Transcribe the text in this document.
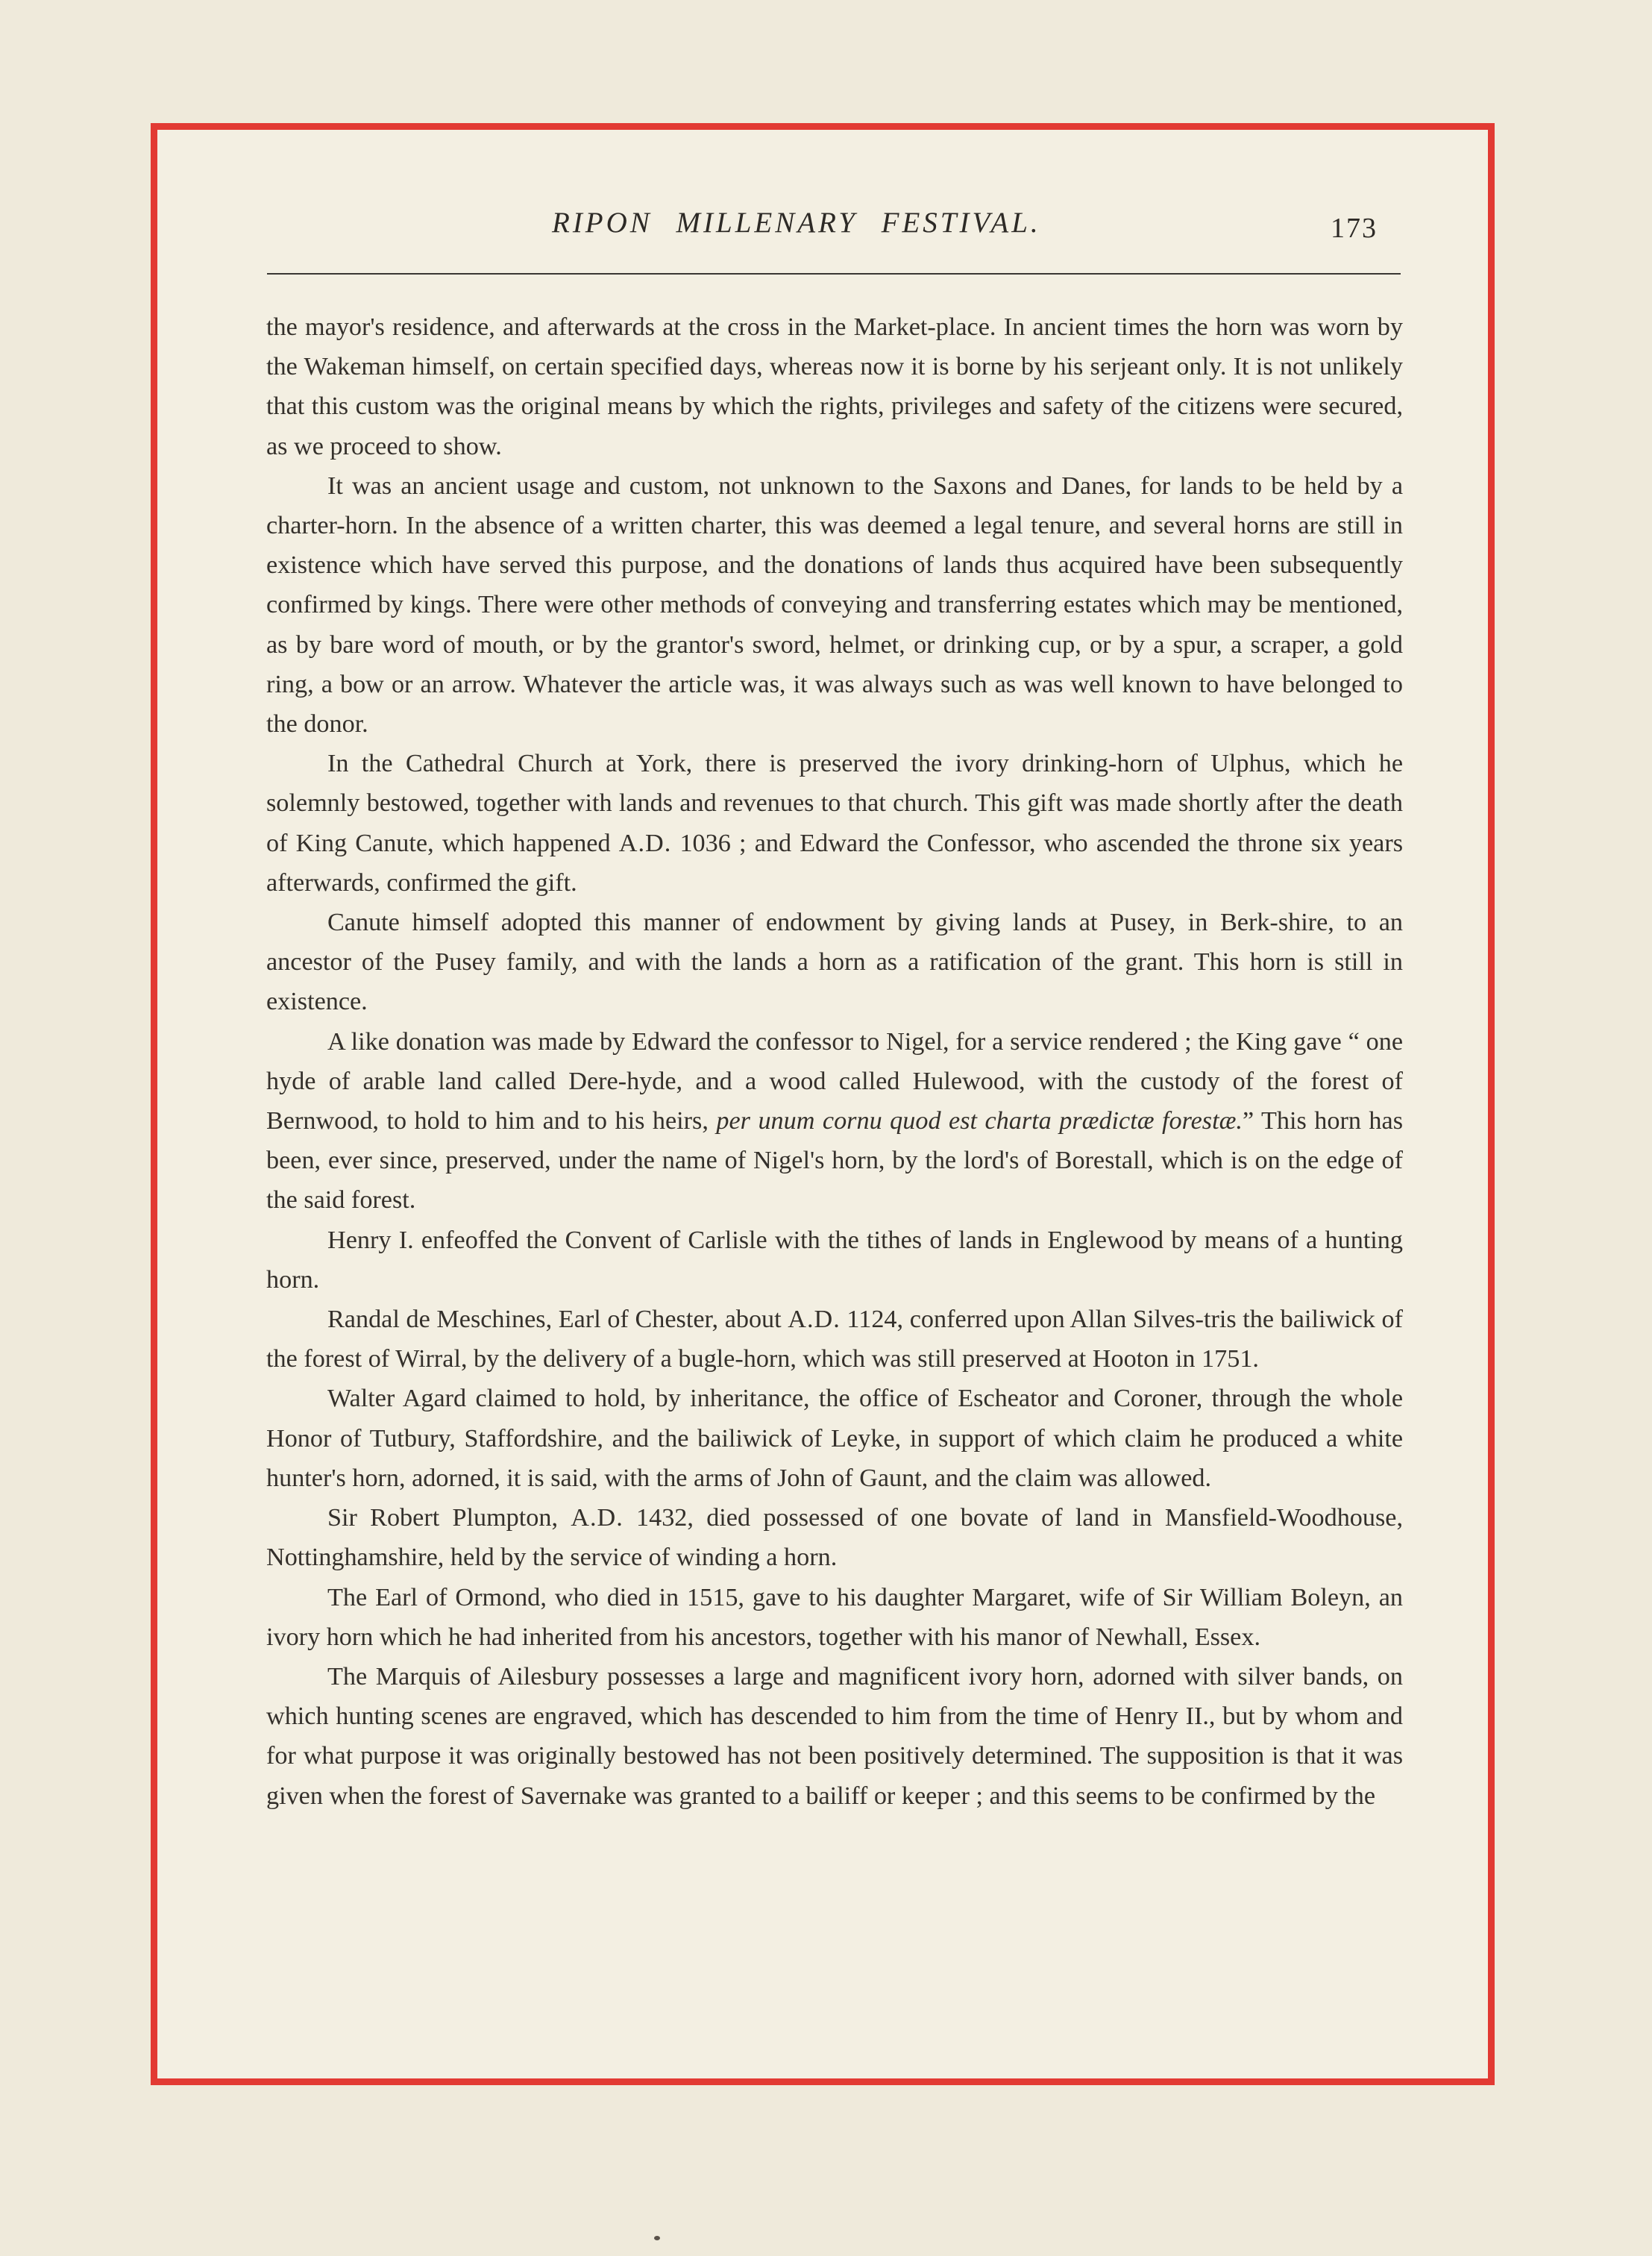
RIPON MILLENARY FESTIVAL.	173

the mayor's residence, and afterwards at the cross in the Market-place. In ancient times the horn was worn by the Wakeman himself, on certain specified days, whereas now it is borne by his serjeant only. It is not unlikely that this custom was the original means by which the rights, privileges and safety of the citizens were secured, as we proceed to show.

It was an ancient usage and custom, not unknown to the Saxons and Danes, for lands to be held by a charter-horn. In the absence of a written charter, this was deemed a legal tenure, and several horns are still in existence which have served this purpose, and the donations of lands thus acquired have been subsequently confirmed by kings. There were other methods of conveying and transferring estates which may be mentioned, as by bare word of mouth, or by the grantor's sword, helmet, or drinking cup, or by a spur, a scraper, a gold ring, a bow or an arrow. Whatever the article was, it was always such as was well known to have belonged to the donor.

In the Cathedral Church at York, there is preserved the ivory drinking-horn of Ulphus, which he solemnly bestowed, together with lands and revenues to that church. This gift was made shortly after the death of King Canute, which happened A.D. 1036 ; and Edward the Confessor, who ascended the throne six years afterwards, confirmed the gift.

Canute himself adopted this manner of endowment by giving lands at Pusey, in Berk-shire, to an ancestor of the Pusey family, and with the lands a horn as a ratification of the grant. This horn is still in existence.

A like donation was made by Edward the confessor to Nigel, for a service rendered ; the King gave “ one hyde of arable land called Dere-hyde, and a wood called Hulewood, with the custody of the forest of Bernwood, to hold to him and to his heirs, per unum cornu quod est charta prædictæ forestæ.” This horn has been, ever since, preserved, under the name of Nigel's horn, by the lord's of Borestall, which is on the edge of the said forest.

Henry I. enfeoffed the Convent of Carlisle with the tithes of lands in Englewood by means of a hunting horn.

Randal de Meschines, Earl of Chester, about A.D. 1124, conferred upon Allan Silves-tris the bailiwick of the forest of Wirral, by the delivery of a bugle-horn, which was still preserved at Hooton in 1751.

Walter Agard claimed to hold, by inheritance, the office of Escheator and Coroner, through the whole Honor of Tutbury, Staffordshire, and the bailiwick of Leyke, in support of which claim he produced a white hunter's horn, adorned, it is said, with the arms of John of Gaunt, and the claim was allowed.

Sir Robert Plumpton, A.D. 1432, died possessed of one bovate of land in Mansfield-Woodhouse, Nottinghamshire, held by the service of winding a horn.

The Earl of Ormond, who died in 1515, gave to his daughter Margaret, wife of Sir William Boleyn, an ivory horn which he had inherited from his ancestors, together with his manor of Newhall, Essex.

The Marquis of Ailesbury possesses a large and magnificent ivory horn, adorned with silver bands, on which hunting scenes are engraved, which has descended to him from the time of Henry II., but by whom and for what purpose it was originally bestowed has not been positively determined. The supposition is that it was given when the forest of Savernake was granted to a bailiff or keeper ; and this seems to be confirmed by the
